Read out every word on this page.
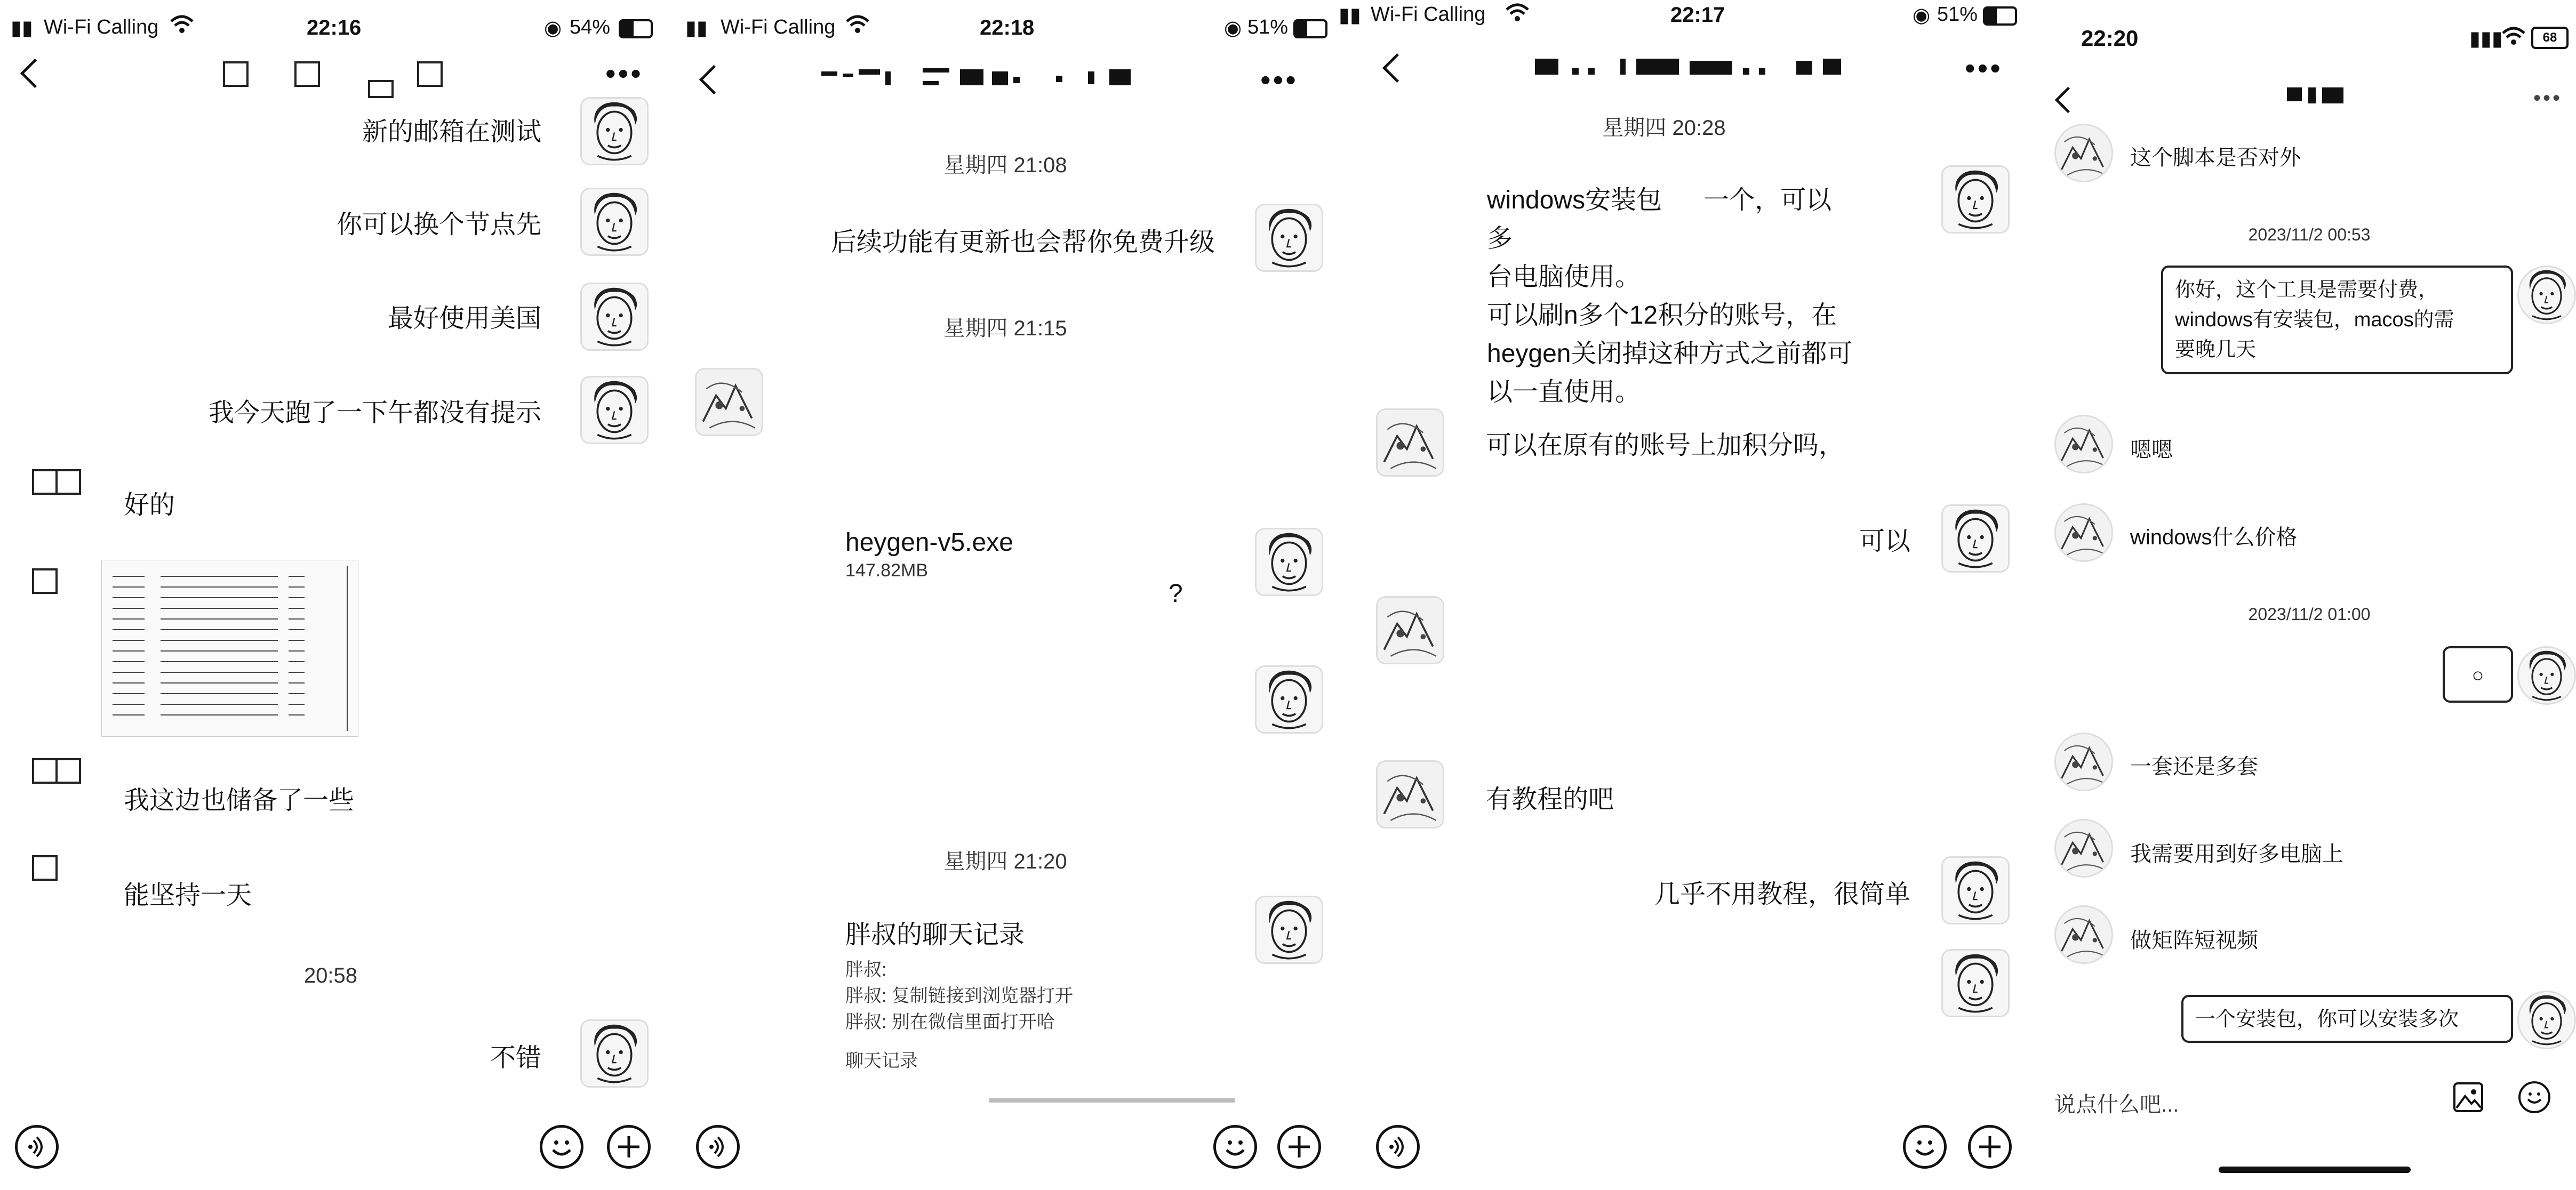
▮▮ Wi-Fi Calling	22:16	◉ 54%
•••
新的邮箱在测试
你可以换个节点先
最好使用美国
我今天跑了一下午都没有提示
好的
我这边也储备了一些
能坚持一天
20:58
不错
▮▮ Wi-Fi Calling	22:18	◉ 51%
•••
星期四 21:08
后续功能有更新也会帮你免费升级
星期四 21:15
heygen-v5.exe
147.82MB
?
星期四 21:20
胖叔的聊天记录
胖叔:
胖叔: 复制链接到浏览器打开
胖叔: 别在微信里面打开哈
聊天记录
▮▮ Wi-Fi Calling	22:17	◉ 51%
•••
星期四 20:28
windows安装包 一个，可以多
台电脑使用。
可以刷n多个12积分的账号，在
heygen关闭掉这种方式之前都可
以一直使用。
可以在原有的账号上加积分吗，
可以
有教程的吧
几乎不用教程，很简单
22:20	▮▮▮	68
•••
这个脚本是否对外
2023/11/2 00:53
你好，这个工具是需要付费，
windows有安装包，macos的需
要晚几天
嗯嗯
windows什么价格
2023/11/2 01:00
○
一套还是多套
我需要用到好多电脑上
做矩阵短视频
一个安装包，你可以安装多次
说点什么吧...
